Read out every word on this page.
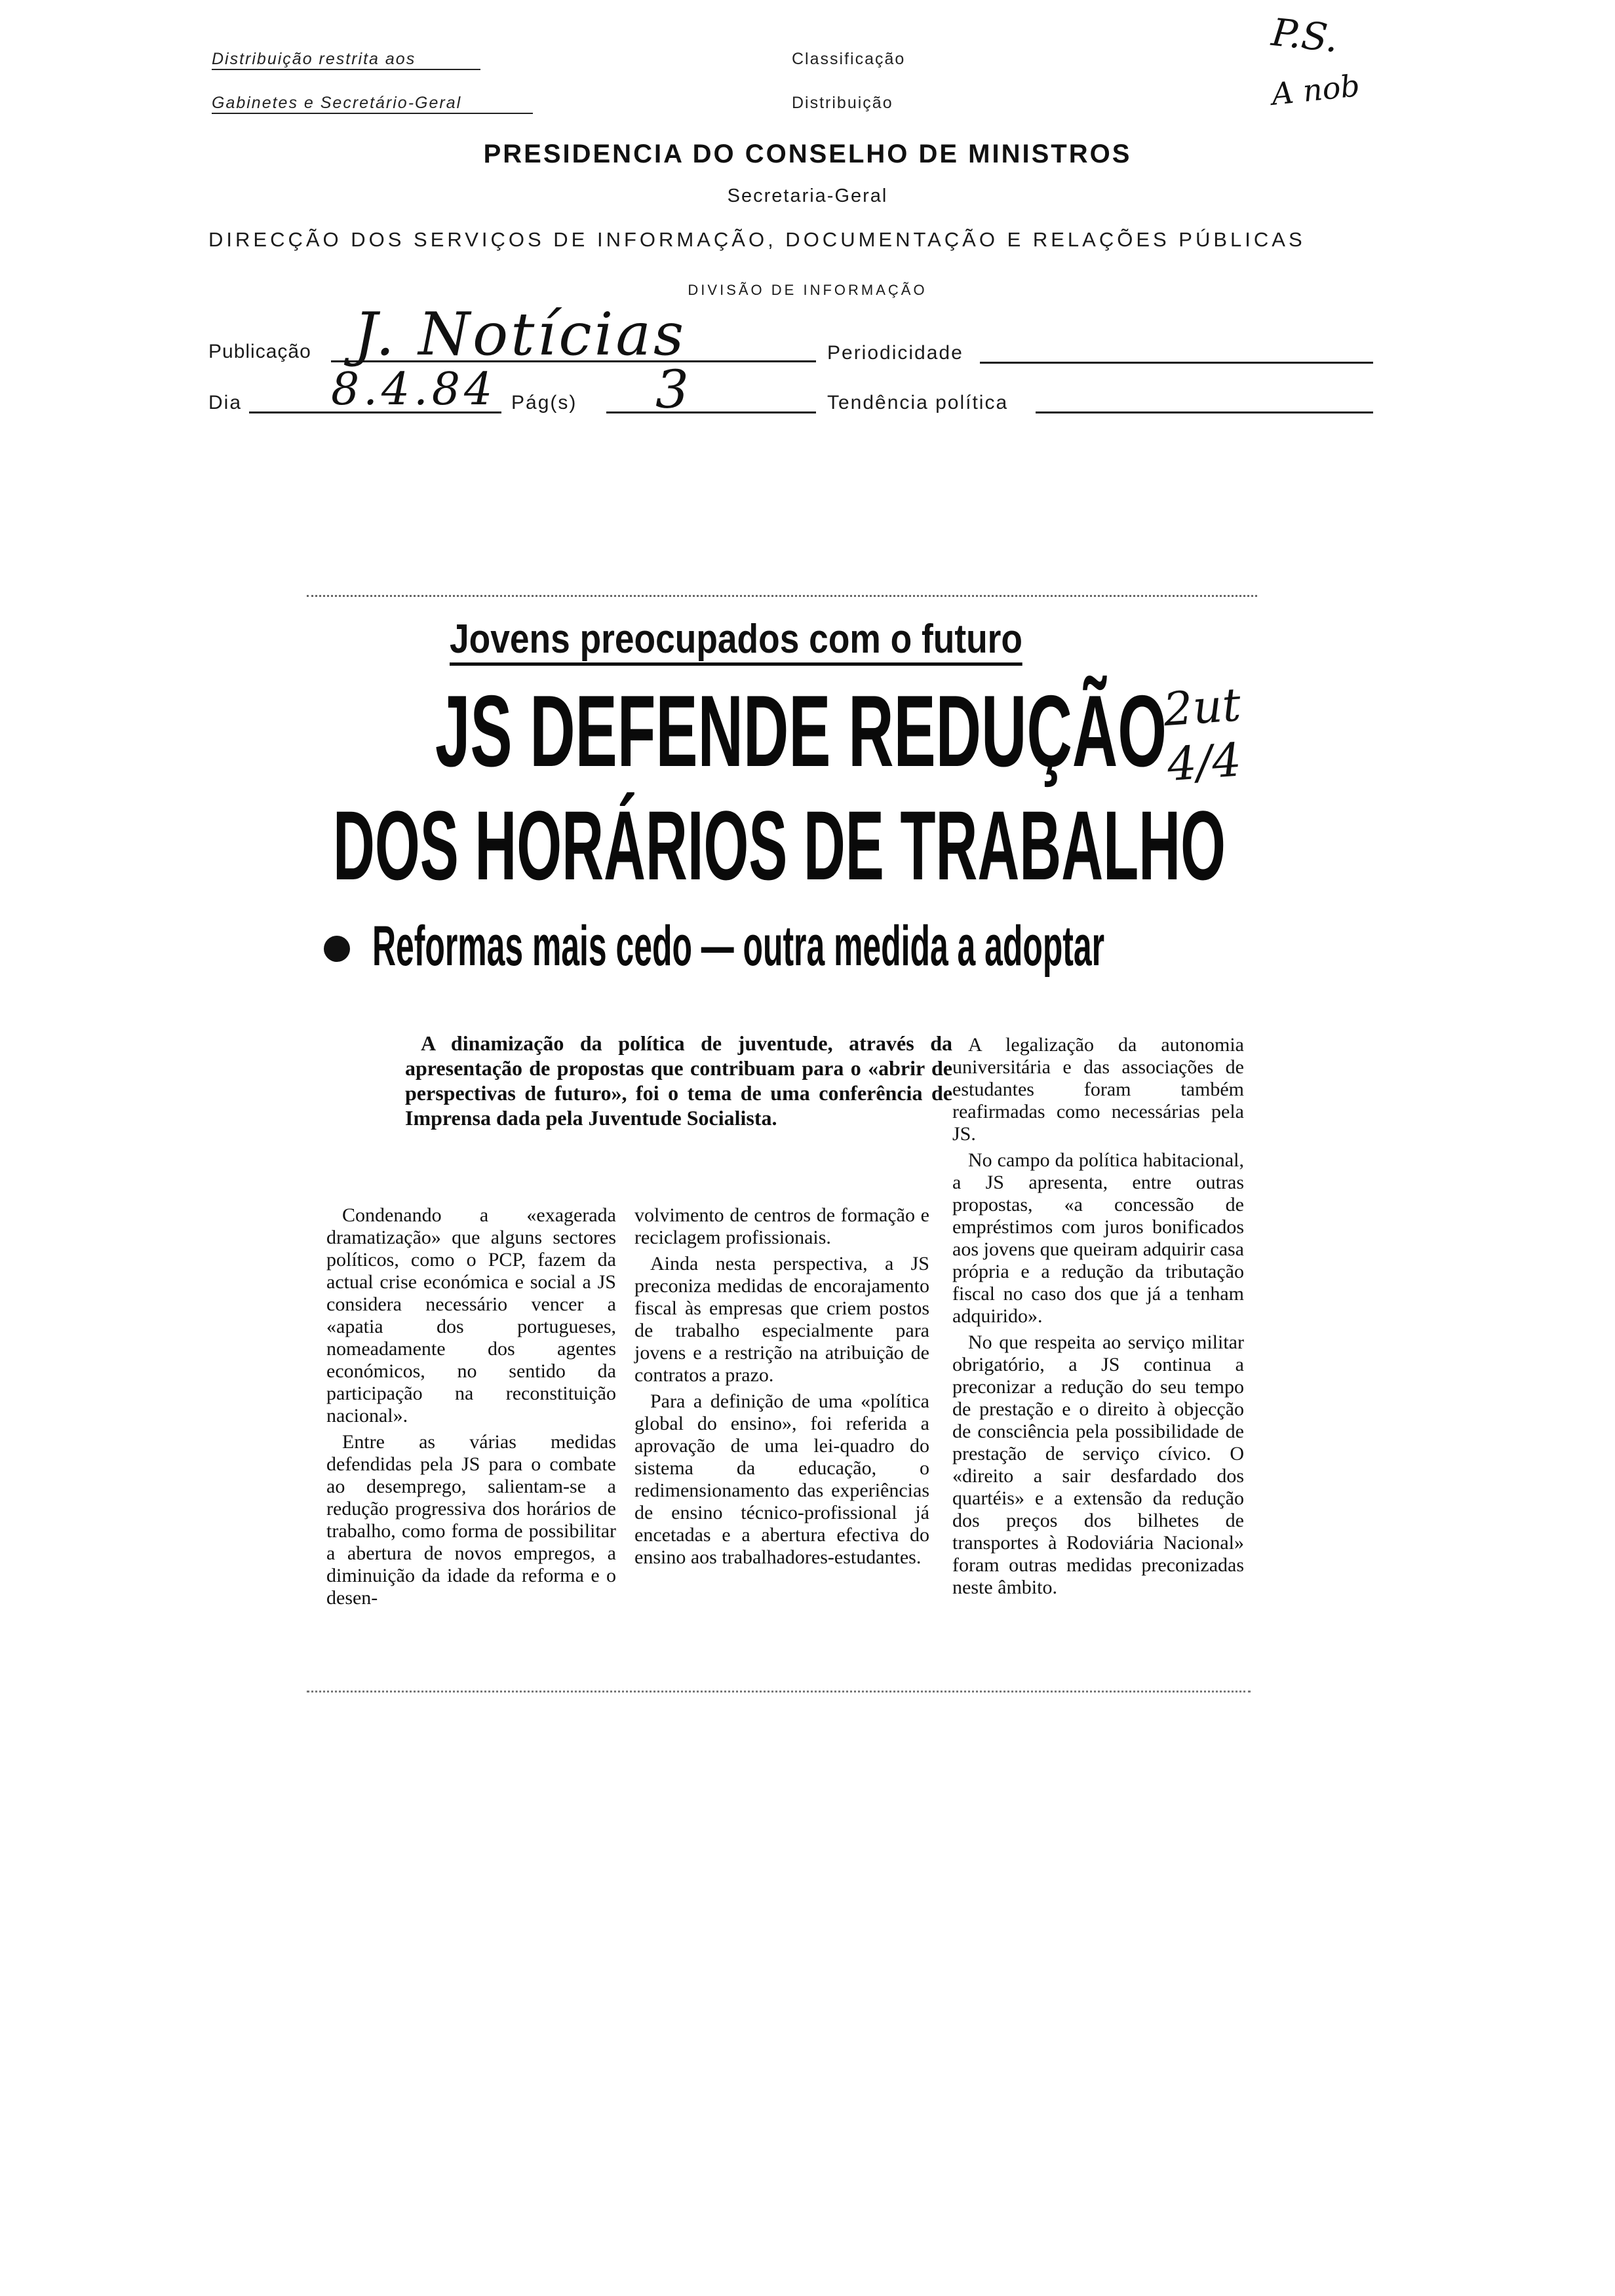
Distribuição restrita aos
Gabinetes e Secretário-Geral
Classificação
Distribuição
P.S.
A nob
PRESIDENCIA DO CONSELHO DE MINISTROS
Secretaria-Geral
DIRECÇÃO DOS SERVIÇOS DE INFORMAÇÃO, DOCUMENTAÇÃO E RELAÇÕES PÚBLICAS
DIVISÃO DE INFORMAÇÃO
Publicação J. Notícias	Periodicidade
Dia 8.4.84 Pág(s) 3	Tendência política
Jovens preocupados com o futuro
JS DEFENDE REDUÇÃO
DOS HORÁRIOS DE TRABALHO
2ut 4/4
Reformas mais cedo — outra medida a adoptar

A dinamização da política de juventude, através da apresentação de propostas que contribuam para o «abrir de perspectivas de futuro», foi o tema de uma conferência de Imprensa dada pela Juventude Socialista.

Condenando a «exagerada dramatização» que alguns sectores políticos, como o PCP, fazem da actual crise económica e social a JS considera necessário vencer a «apatia dos portugueses, nomeadamente dos agentes económicos, no sentido da participação na reconstituição nacional».

Entre as várias medidas defendidas pela JS para o combate ao desemprego, salientam-se a redução progressiva dos horários de trabalho, como forma de possibilitar a abertura de novos empregos, a diminuição da idade da reforma e o desen-

volvimento de centros de formação e reciclagem profissionais.

Ainda nesta perspectiva, a JS preconiza medidas de encorajamento fiscal às empresas que criem postos de trabalho especialmente para jovens e a restrição na atribuição de contratos a prazo.

Para a definição de uma «política global do ensino», foi referida a aprovação de uma lei-quadro do sistema da educação, o redimensionamento das experiências de ensino técnico-profissional já encetadas e a abertura efectiva do ensino aos trabalhadores-estudantes.

A legalização da autonomia universitária e das associações de estudantes foram também reafirmadas como necessárias pela JS.

No campo da política habitacional, a JS apresenta, entre outras propostas, «a concessão de empréstimos com juros bonificados aos jovens que queiram adquirir casa própria e a redução da tributação fiscal no caso dos que já a tenham adquirido».

No que respeita ao serviço militar obrigatório, a JS continua a preconizar a redução do seu tempo de prestação e o direito à objecção de consciência pela possibilidade de prestação de serviço cívico. O «direito a sair desfardado dos quartéis» e a extensão da redução dos preços dos bilhetes de transportes à Rodoviária Nacional» foram outras medidas preconizadas neste âmbito.
